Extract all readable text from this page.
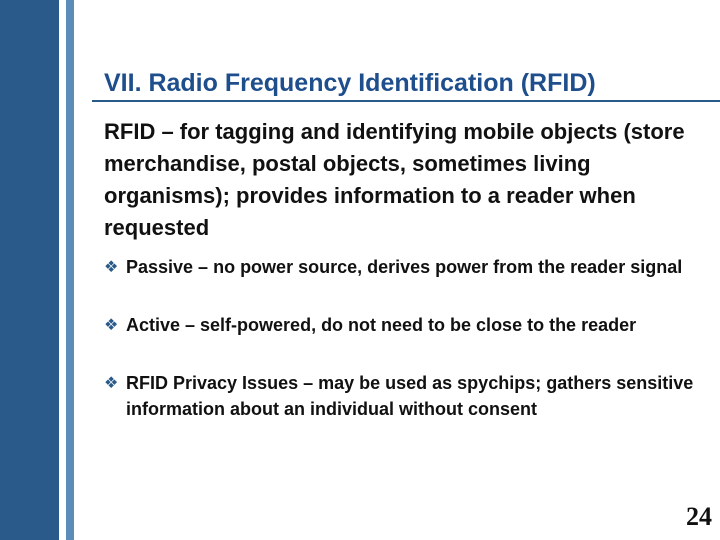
VII. Radio Frequency Identification (RFID)

RFID – for tagging and identifying mobile objects (store merchandise, postal objects, sometimes living organisms); provides information to a reader when requested

❖ Passive – no power source, derives power from the reader signal
❖ Active – self-powered, do not need to be close to the reader
❖ RFID Privacy Issues – may be used as spychips; gathers sensitive information about an individual without consent
24
